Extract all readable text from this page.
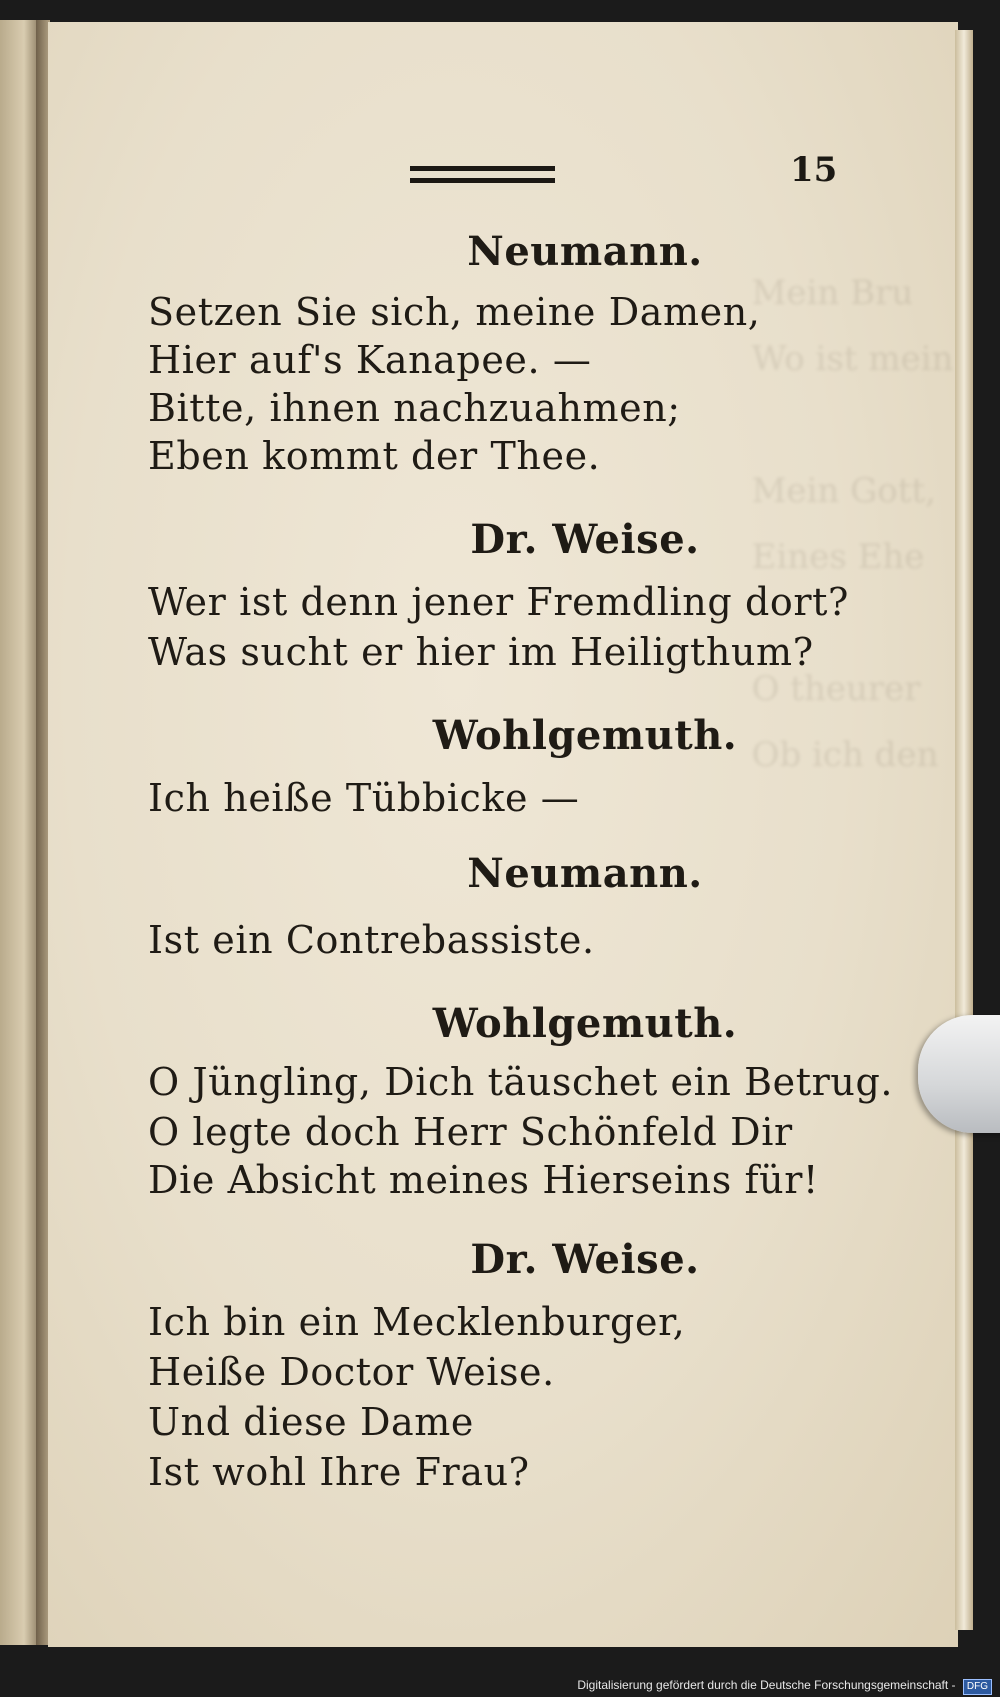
Mein Bru
Wo ist mein

Mein Gott,
Eines Ehe

O theurer
Ob ich den
15
Neumann.
Setzen Sie sich, meine Damen,
Hier auf's Kanapee. —
Bitte, ihnen nachzuahmen;
Eben kommt der Thee.
Dr. Weise.
Wer ist denn jener Fremdling dort?
Was sucht er hier im Heiligthum?
Wohlgemuth.
Ich heiße Tübbicke —
Neumann.
Ist ein Contrebassiste.
Wohlgemuth.
O Jüngling, Dich täuschet ein Betrug.
O legte doch Herr Schönfeld Dir
Die Absicht meines Hierseins für!
Dr. Weise.
Ich bin ein Mecklenburger,
Heiße Doctor Weise.
Und diese Dame
Ist wohl Ihre Frau?
Digitalisierung gefördert durch die Deutsche Forschungsgemeinschaft - DFG
